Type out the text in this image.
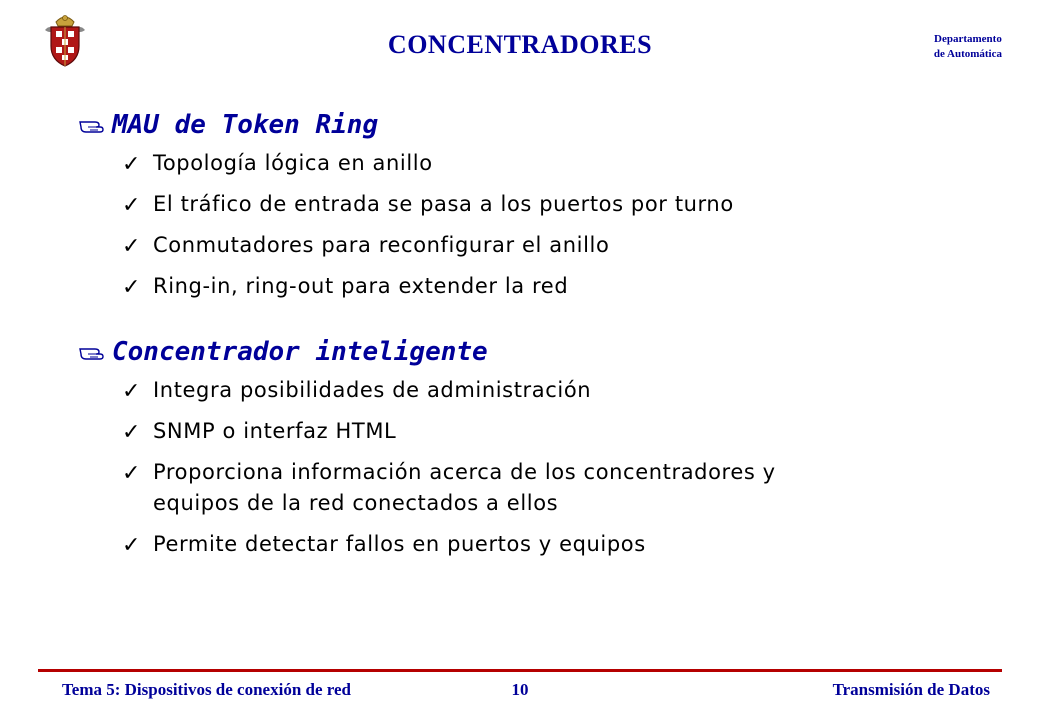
CONCENTRADORES	Departamento
de Automática
MAU de Token Ring
✓ Topología lógica en anillo
✓ El tráfico de entrada se pasa a los puertos por turno
✓ Conmutadores para reconfigurar el anillo
✓ Ring-in, ring-out para extender la red
Concentrador inteligente
✓ Integra posibilidades de administración
✓ SNMP o interfaz HTML
✓ Proporciona información acerca de los concentradores y
equipos de la red conectados a ellos
✓ Permite detectar fallos en puertos y equipos
Tema 5: Dispositivos de conexión de red	10	Transmisión de Datos
